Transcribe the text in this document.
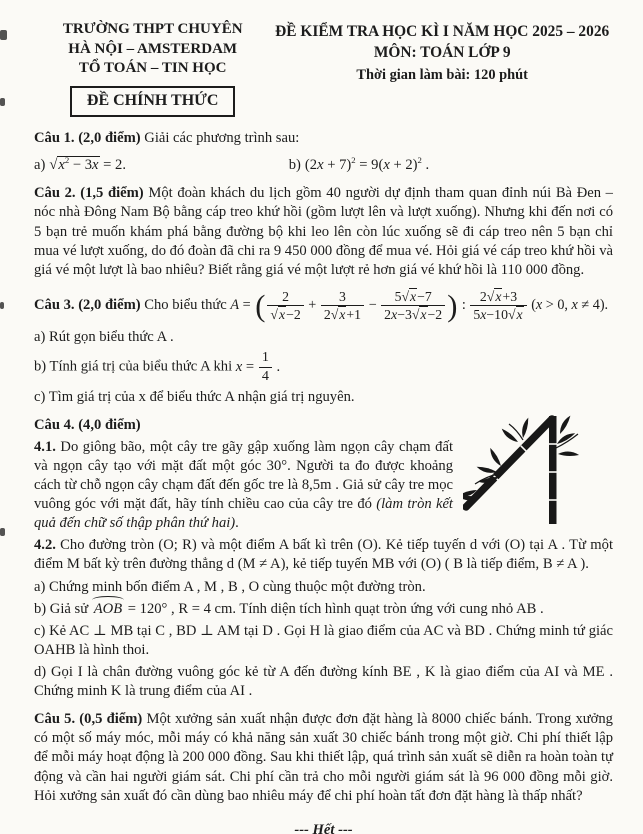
TRƯỜNG THPT CHUYÊN
HÀ NỘI – AMSTERDAM
TỔ TOÁN – TIN HỌC
ĐỀ CHÍNH THỨC
ĐỀ KIỂM TRA HỌC KÌ I NĂM HỌC 2025 – 2026
MÔN: TOÁN LỚP 9
Thời gian làm bài: 120 phút

Câu 1. (2,0 điểm) Giải các phương trình sau:

a) √ $x^2 - 3x = 2$.	b) $(2x + 7)^2 = 9(x + 2)^2$ .

Câu 2. (1,5 điểm) Một đoàn khách du lịch gồm 40 người dự định tham quan đỉnh núi Bà Đen – nóc nhà Đông Nam Bộ bằng cáp treo khứ hồi (gồm lượt lên và lượt xuống). Nhưng khi đến nơi có 5 bạn trẻ muốn khám phá bằng đường bộ khi leo lên còn lúc xuống sẽ đi cáp treo nên 5 bạn chỉ mua vé lượt xuống, do đó đoàn đã chi ra 9 450 000 đồng để mua vé. Hỏi giá vé cáp treo khứ hồi và giá vé một lượt là bao nhiêu? Biết rằng giá vé một lượt rẻ hơn giá vé khứ hồi là 110 000 đồng.

Câu 3. (2,0 điểm) Cho biểu thức A = ( 2
√ $x-2 + \frac{3}{2 √ x+1} - \frac{5 √ x-7}{2x-3 √ x-2}$ ) : $\frac{2 √ x+3}{5x-10 √ x} (x > 0$, x ≠ 4).

a) Rút gọn biểu thức A .

b) Tính giá trị của biểu thức A khi $x = \frac{1}{4}$ .

c) Tìm giá trị của x để biểu thức A nhận giá trị nguyên.

Câu 4. (4,0 điểm)

4.1. Do giông bão, một cây tre gãy gập xuống làm ngọn cây chạm đất và ngọn cây tạo với mặt đất một góc 30°. Người ta đo được khoảng cách từ chỗ ngọn cây chạm đất đến gốc tre là 8,5m . Giả sử cây tre mọc vuông góc với mặt đất, hãy tính chiều cao của cây tre đó (làm tròn kết quả đến chữ số thập phân thứ hai).

4.2. Cho đường tròn (O; R) và một điểm A bất kì trên (O). Kẻ tiếp tuyến d với (O) tại A . Từ một điểm M bất kỳ trên đường thẳng d (M ≠ A), kẻ tiếp tuyến MB với (O) ( B là tiếp điểm, B ≠ A ).

a) Chứng minh bốn điểm A , M , B , O cùng thuộc một đường tròn.

b) Giả sử AOB = 120° , R = 4 cm. Tính diện tích hình quạt tròn ứng với cung nhỏ AB .

c) Kẻ AC ⊥ MB tại C , BD ⊥ AM tại D . Gọi H là giao điểm của AC và BD . Chứng minh tứ giác OAHB là hình thoi.

d) Gọi I là chân đường vuông góc kẻ từ A đến đường kính BE , K là giao điểm của AI và ME . Chứng minh K là trung điểm của AI .

Câu 5. (0,5 điểm) Một xưởng sản xuất nhận được đơn đặt hàng là 8000 chiếc bánh. Trong xưởng có một số máy móc, mỗi máy có khả năng sản xuất 30 chiếc bánh trong một giờ. Chi phí thiết lập để mỗi máy hoạt động là 200 000 đồng. Sau khi thiết lập, quá trình sản xuất sẽ diễn ra hoàn toàn tự động và cần hai người giám sát. Chi phí cần trả cho mỗi người giám sát là 96 000 đồng mỗi giờ. Hỏi xưởng sản xuất đó cần dùng bao nhiêu máy để chi phí hoàn tất đơn đặt hàng là thấp nhất?

--- Hết ---
